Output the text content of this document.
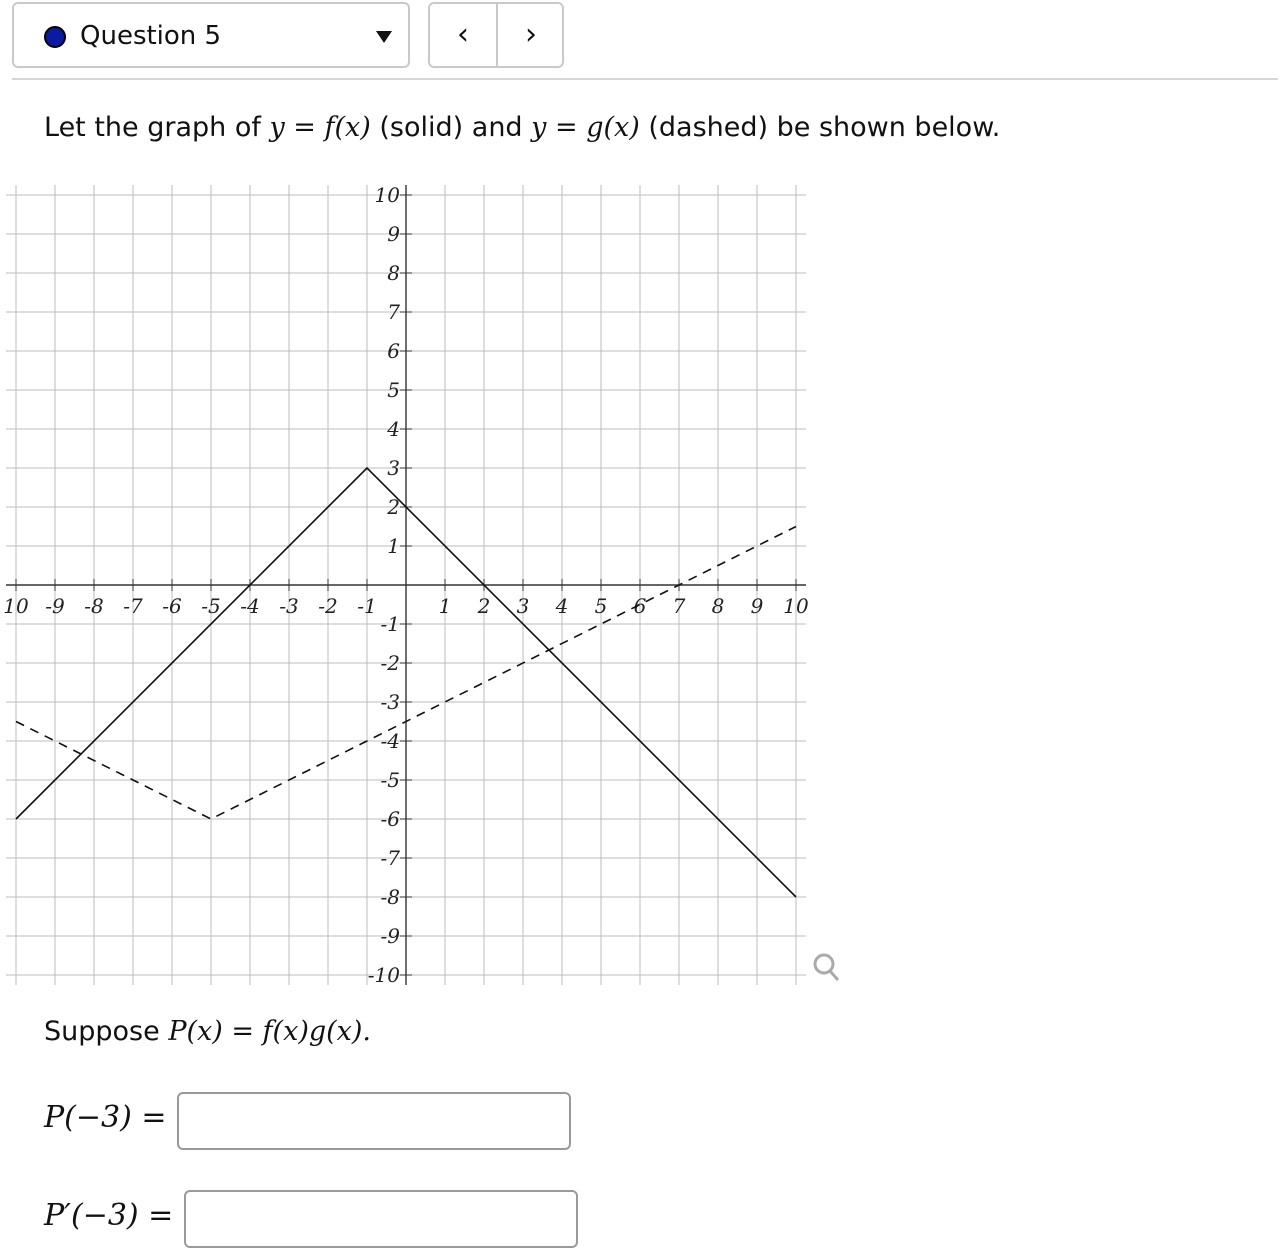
Question 5	‹	›
Let the graph of y = f(x) (solid) and y = g(x) (dashed) be shown below.
10 -9 -8 -7 -6 -5 -4 -3 -2 -1	1 2 3 4 5 6 7 8 9 10
10
9
8
7
6
5
4
3
2
1
-1
-2
-3
-4
-5
-6
-7
-8
-9
-10
Suppose P(x) = f(x)g(x).
P(−3) =
P′(−3) =
